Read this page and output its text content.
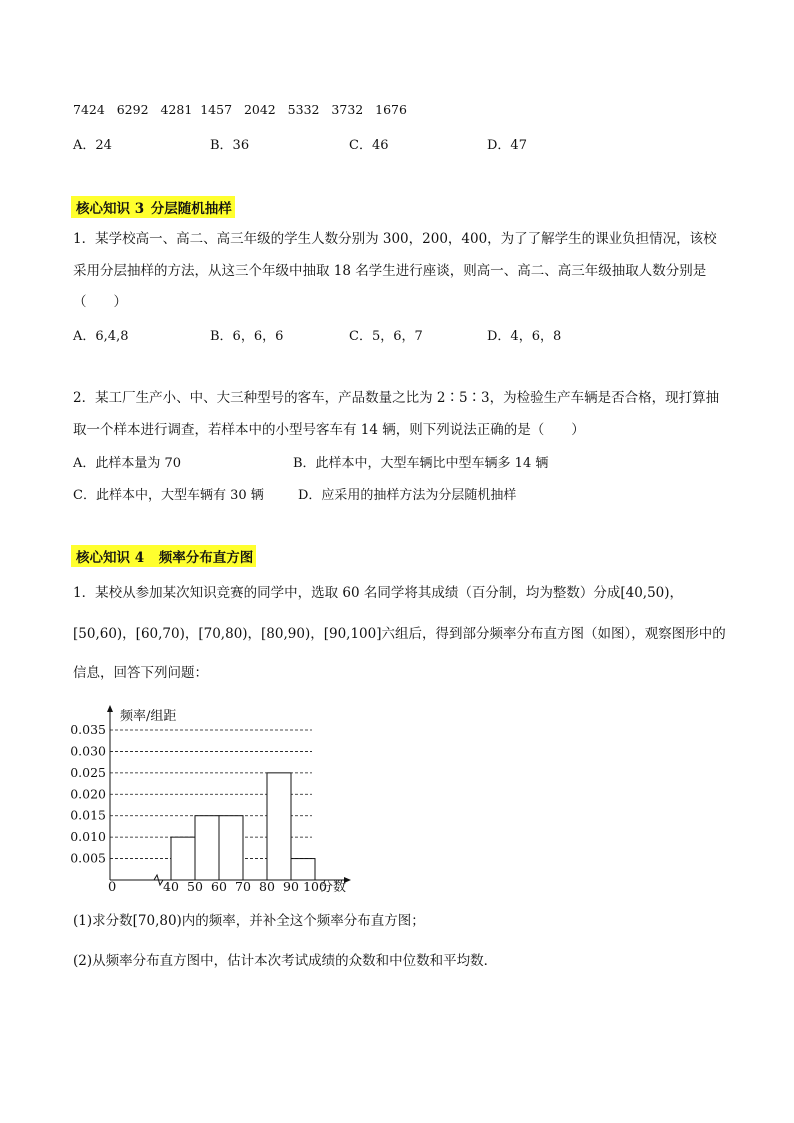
7424   6292   4281  1457   2042   5332   3732   1676
A．24	B．36	C．46	D．47
核心知识 3 分层随机抽样
1．某学校高一、高二、高三年级的学生人数分别为 300，200，400，为了了解学生的课业负担情况，该校
采用分层抽样的方法，从这三个年级中抽取 18 名学生进行座谈，则高一、高二、高三年级抽取人数分别是
（　　）
A．6,4,8	B．6，6，6	C．5，6，7	D．4，6，8
2．某工厂生产小、中、大三种型号的客车，产品数量之比为 2∶5∶3，为检验生产车辆是否合格，现打算抽
取一个样本进行调查，若样本中的小型号客车有 14 辆，则下列说法正确的是（　　）
A．此样本量为 70	B．此样本中，大型车辆比中型车辆多 14 辆
C．此样本中，大型车辆有 30 辆	D．应采用的抽样方法为分层随机抽样
核心知识 4 频率分布直方图
1．某校从参加某次知识竞赛的同学中，选取 60 名同学将其成绩（百分制，均为整数）分成[40,50)，
[50,60)，[60,70)，[70,80)，[80,90)，[90,100]六组后，得到部分频率分布直方图（如图），观察图形中的
信息，回答下列问题：
频率/组距
分数
0
0.005
0.010
0.015
0.020
0.025
0.030
0.035
40 50 60 70 80 90 100
(1)求分数[70,80)内的频率，并补全这个频率分布直方图；
(2)从频率分布直方图中，估计本次考试成绩的众数和中位数和平均数．
